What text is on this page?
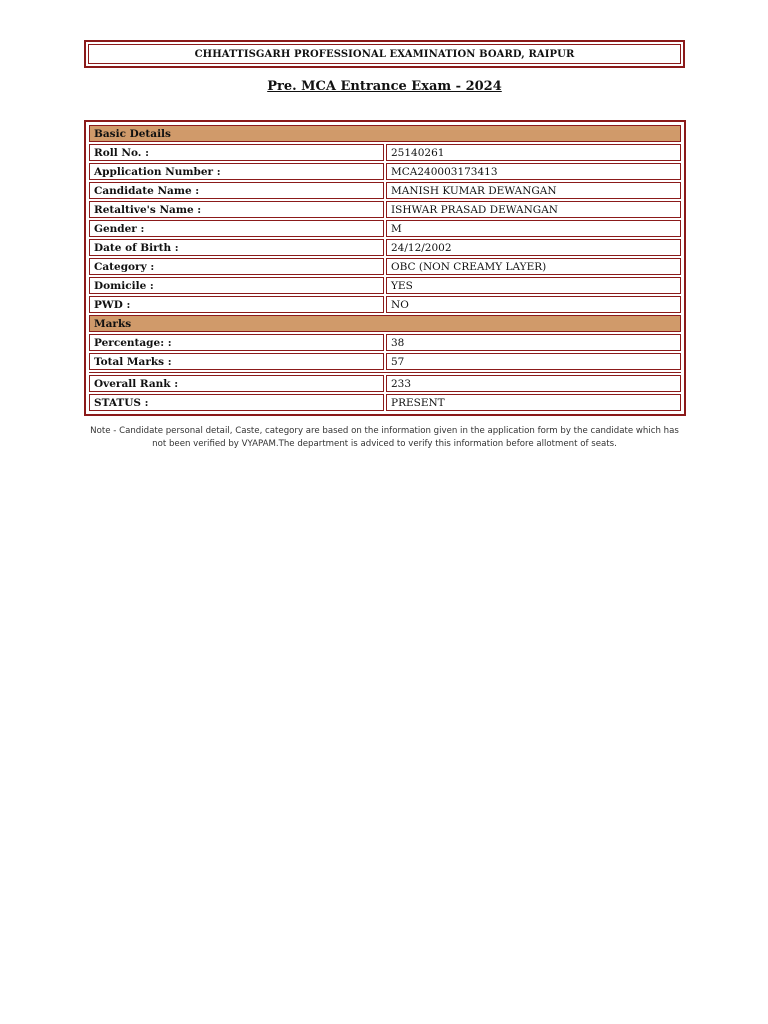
CHHATTISGARH PROFESSIONAL EXAMINATION BOARD, RAIPUR
Pre. MCA Entrance Exam - 2024
Basic Details	
Roll No. :	25140261
Application Number :	MCA240003173413
Candidate Name :	MANISH KUMAR DEWANGAN
Retaltive's Name :	ISHWAR PRASAD DEWANGAN
Gender :	M
Date of Birth :	24/12/2002
Category :	OBC (NON CREAMY LAYER)
Domicile :	YES
PWD :	NO
Marks	
Percentage: :	38
Total Marks :	57

Overall Rank :	233
STATUS :	PRESENT
Note - Candidate personal detail, Caste, category are based on the information given in the application form by the candidate which has not been verified by VYAPAM.The department is adviced to verify this information before allotment of seats.
